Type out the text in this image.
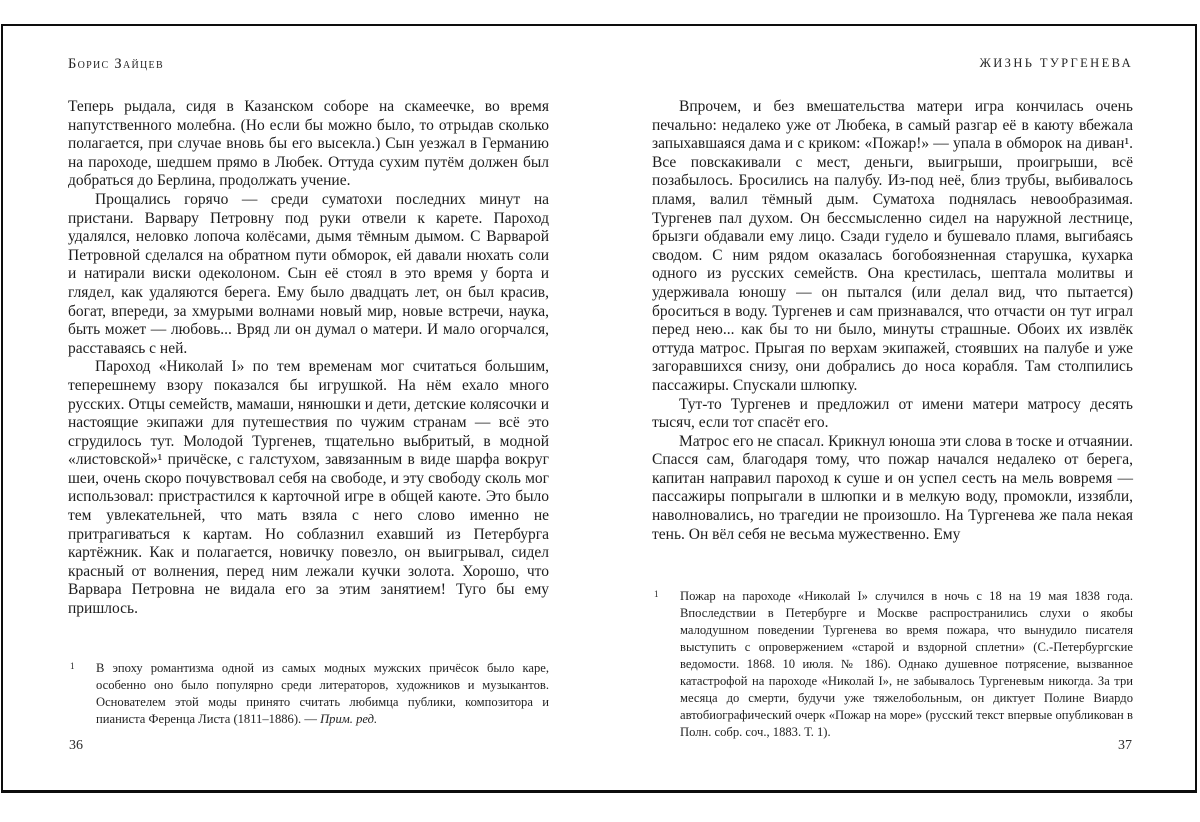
Борис Зайцев

Теперь рыдала, сидя в Казанском соборе на скамеечке, во время напутственного молебна. (Но если бы можно было, то отрыдав сколько полагается, при случае вновь бы его высекла.) Сын уезжал в Германию на пароходе, шедшем прямо в Любек. Оттуда сухим путём должен был добраться до Берлина, продолжать учение.

Прощались горячо — среди суматохи последних минут на пристани. Варвару Петровну под руки отвели к карете. Пароход удалялся, неловко лопоча колёсами, дымя тёмным дымом. С Варварой Петровной сделался на обратном пути обморок, ей давали нюхать соли и натирали виски одеколоном. Сын её стоял в это время у борта и глядел, как удаляются берега. Ему было двадцать лет, он был красив, богат, впереди, за хмурыми волнами новый мир, новые встречи, наука, быть может — любовь... Вряд ли он думал о матери. И мало огорчался, расставаясь с ней.

Пароход «Николай I» по тем временам мог считаться большим, теперешнему взору показался бы игрушкой. На нём ехало много русских. Отцы семейств, мамаши, нянюшки и дети, детские колясочки и настоящие экипажи для путешествия по чужим странам — всё это сгрудилось тут. Молодой Тургенев, тщательно выбритый, в модной «листовской»¹ причёске, с галстухом, завязанным в виде шарфа вокруг шеи, очень скоро почувствовал себя на свободе, и эту свободу сколь мог использовал: пристрастился к карточной игре в общей каюте. Это было тем увлекательней, что мать взяла с него слово именно не притрагиваться к картам. Но соблазнил ехавший из Петербурга картёжник. Как и полагается, новичку повезло, он выигрывал, сидел красный от волнения, перед ним лежали кучки золота. Хорошо, что Варвара Петровна не видала его за этим занятием! Туго бы ему пришлось.

1 В эпоху романтизма одной из самых модных мужских причёсок было каре, особенно оно было популярно среди литераторов, художников и музыкантов. Основателем этой моды принято считать любимца публики, композитора и пианиста Ференца Листа (1811–1886). — Прим. ред.
36
ЖИЗНЬ ТУРГЕНЕВА

Впрочем, и без вмешательства матери игра кончилась очень печально: недалеко уже от Любека, в самый разгар её в каюту вбежала запыхавшаяся дама и с криком: «Пожар!» — упала в обморок на диван¹. Все повскакивали с мест, деньги, выигрыши, проигрыши, всё позабылось. Бросились на палубу. Из-под неё, близ трубы, выбивалось пламя, валил тёмный дым. Суматоха поднялась невообразимая. Тургенев пал духом. Он бессмысленно сидел на наружной лестнице, брызги обдавали ему лицо. Сзади гудело и бушевало пламя, выгибаясь сводом. С ним рядом оказалась богобоязненная старушка, кухарка одного из русских семейств. Она крестилась, шептала молитвы и удерживала юношу — он пытался (или делал вид, что пытается) броситься в воду. Тургенев и сам признавался, что отчасти он тут играл перед нею... как бы то ни было, минуты страшные. Обоих их извлёк оттуда матрос. Прыгая по верхам экипажей, стоявших на палубе и уже загоравшихся снизу, они добрались до носа корабля. Там столпились пассажиры. Спускали шлюпку.

Тут-то Тургенев и предложил от имени матери матросу десять тысяч, если тот спасёт его.

Матрос его не спасал. Крикнул юноша эти слова в тоске и отчаянии. Спасся сам, благодаря тому, что пожар начался недалеко от берега, капитан направил пароход к суше и он успел сесть на мель вовремя — пассажиры попрыгали в шлюпки и в мелкую воду, промокли, иззябли, наволновались, но трагедии не произошло. На Тургенева же пала некая тень. Он вёл себя не весьма мужественно. Ему

1 Пожар на пароходе «Николай I» случился в ночь с 18 на 19 мая 1838 года. Впоследствии в Петербурге и Москве распространились слухи о якобы малодушном поведении Тургенева во время пожара, что вынудило писателя выступить с опровержением «старой и вздорной сплетни» (С.-Петербургские ведомости. 1868. 10 июля. № 186). Однако душевное потрясение, вызванное катастрофой на пароходе «Николай I», не забывалось Тургеневым никогда. За три месяца до смерти, будучи уже тяжелобольным, он диктует Полине Виардо автобиографический очерк «Пожар на море» (русский текст впервые опубликован в Полн. собр. соч., 1883. Т. 1).
37
